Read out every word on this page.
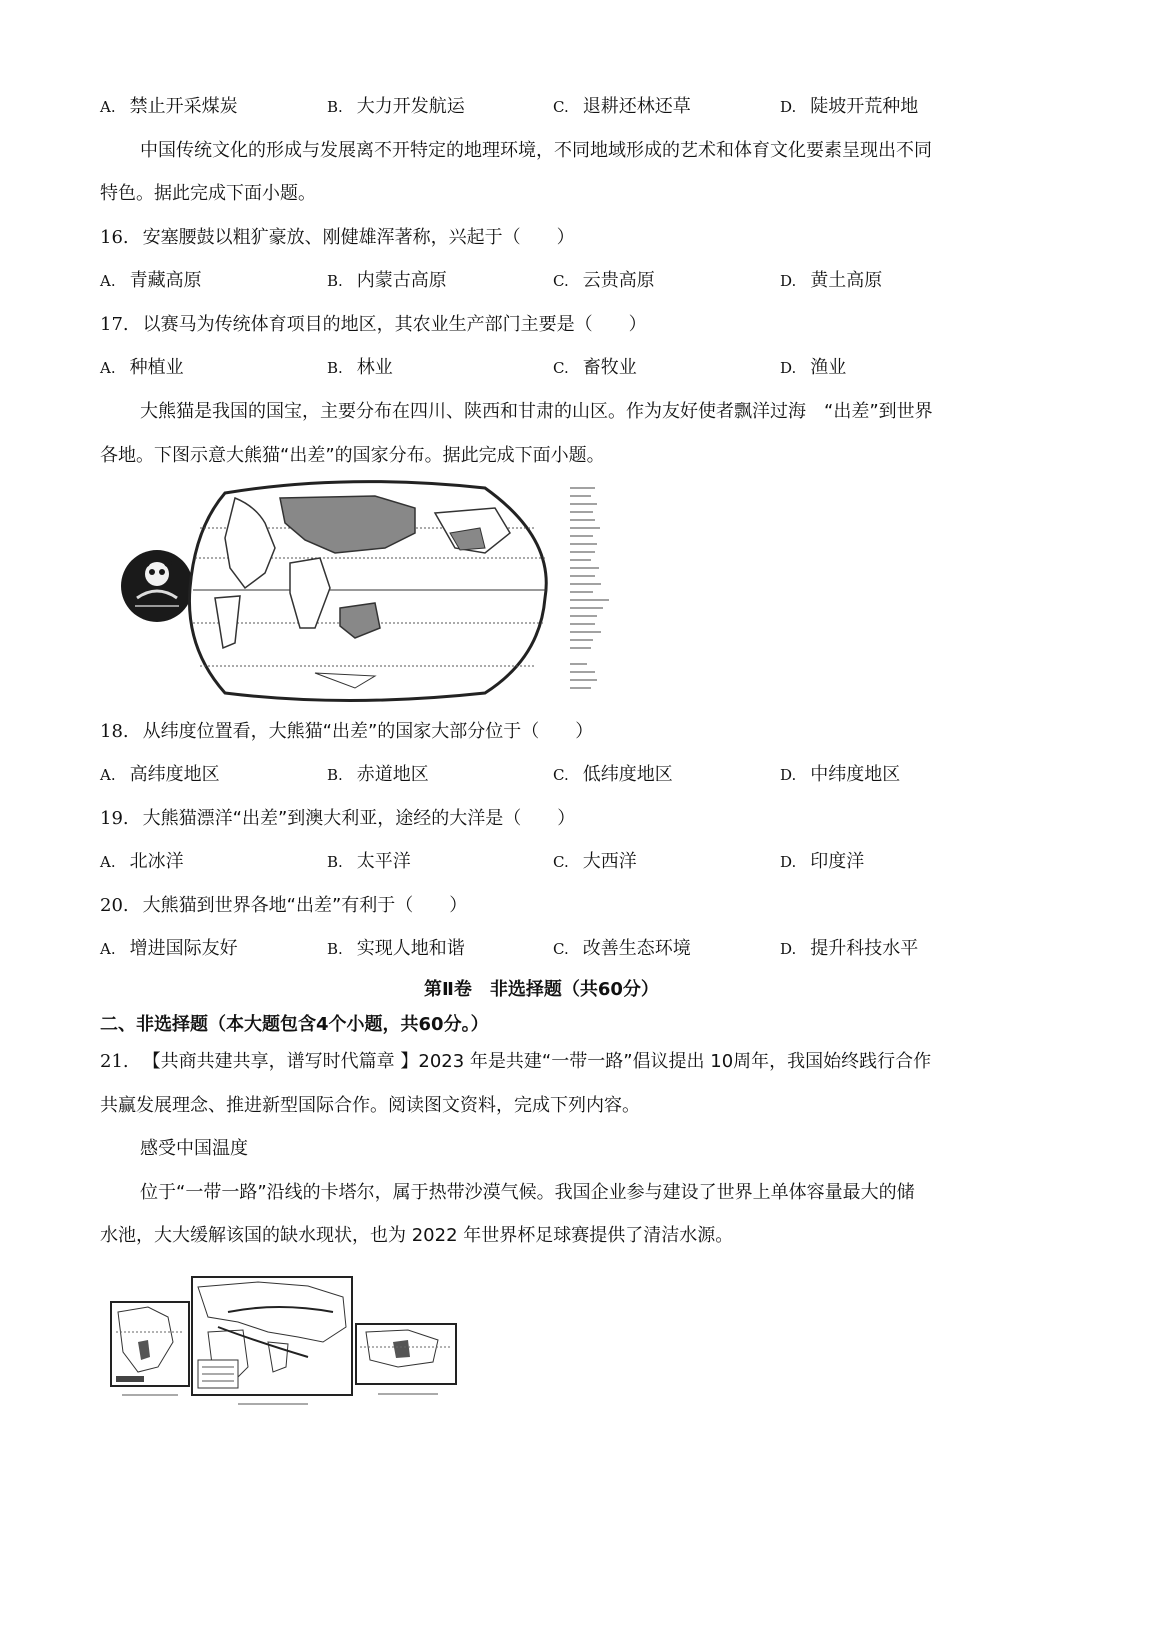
A. 禁止开采煤炭	B. 大力开发航运	C. 退耕还林还草	D. 陡坡开荒种地
中国传统文化的形成与发展离不开特定的地理环境，不同地域形成的艺术和体育文化要素呈现出不同
特色。据此完成下面小题。
16. 安塞腰鼓以粗犷豪放、刚健雄浑著称，兴起于（　　）
A. 青藏高原	B. 内蒙古高原	C. 云贵高原	D. 黄土高原
17. 以赛马为传统体育项目的地区，其农业生产部门主要是（　　）
A. 种植业	B. 林业	C. 畜牧业	D. 渔业
大熊猫是我国的国宝，主要分布在四川、陕西和甘肃的山区。作为友好使者飘洋过海　“出差”到世界
各地。下图示意大熊猫“出差”的国家分布。据此完成下面小题。
18. 从纬度位置看，大熊猫“出差”的国家大部分位于（　　）
A. 高纬度地区	B. 赤道地区	C. 低纬度地区	D. 中纬度地区
19. 大熊猫漂洋“出差”到澳大利亚，途经的大洋是（　　）
A. 北冰洋	B. 太平洋	C. 大西洋	D. 印度洋
20. 大熊猫到世界各地“出差”有利于（　　）
A. 增进国际友好	B. 实现人地和谐	C. 改善生态环境	D. 提升科技水平
第Ⅱ卷　非选择题（共60分）
二、非选择题（本大题包含4个小题，共60分。）
21. 【共商共建共享，谱写时代篇章 】2023 年是共建“一带一路”倡议提出 10周年，我国始终践行合作
共赢发展理念、推进新型国际合作。阅读图文资料，完成下列内容。
感受中国温度
位于“一带一路”沿线的卡塔尔，属于热带沙漠气候。我国企业参与建设了世界上单体容量最大的储
水池，大大缓解该国的缺水现状，也为 2022 年世界杯足球赛提供了清洁水源。
